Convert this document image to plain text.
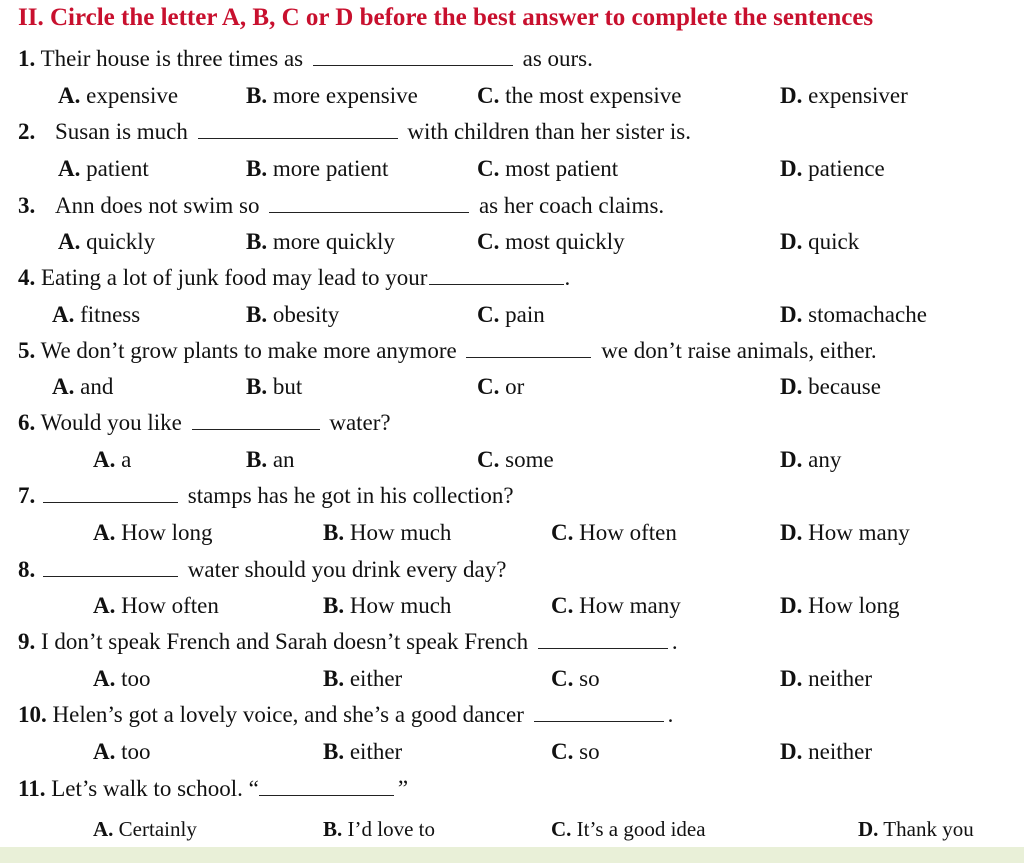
II. Circle the letter A, B, C or D before the best answer to complete the sentences
1. Their house is three times as	as ours.
A. expensive	B. more expensive	C. the most expensive	D. expensiver
2. Susan is much	with children than her sister is.
A. patient	B. more patient	C. most patient	D. patience
3. Ann does not swim so	as her coach claims.
A. quickly	B. more quickly	C. most quickly	D. quick
4. Eating a lot of junk food may lead to your	.
A. fitness	B. obesity	C. pain	D. stomachache
5. We don’t grow plants to make more anymore	we don’t raise animals, either.
A. and	B. but	C. or	D. because
6. Would you like	water?
A. a	B. an	C. some	D. any
7.	stamps has he got in his collection?
A. How long	B. How much	C. How often	D. How many
8.	water should you drink every day?
A. How often	B. How much	C. How many	D. How long
9. I don’t speak French and Sarah doesn’t speak French	.
A. too	B. either	C. so	D. neither
10. Helen’s got a lovely voice, and she’s a good dancer	.
A. too	B. either	C. so	D. neither
11. Let’s walk to school. “	”
A. Certainly	B. I’d love to	C. It’s a good idea	D. Thank you
